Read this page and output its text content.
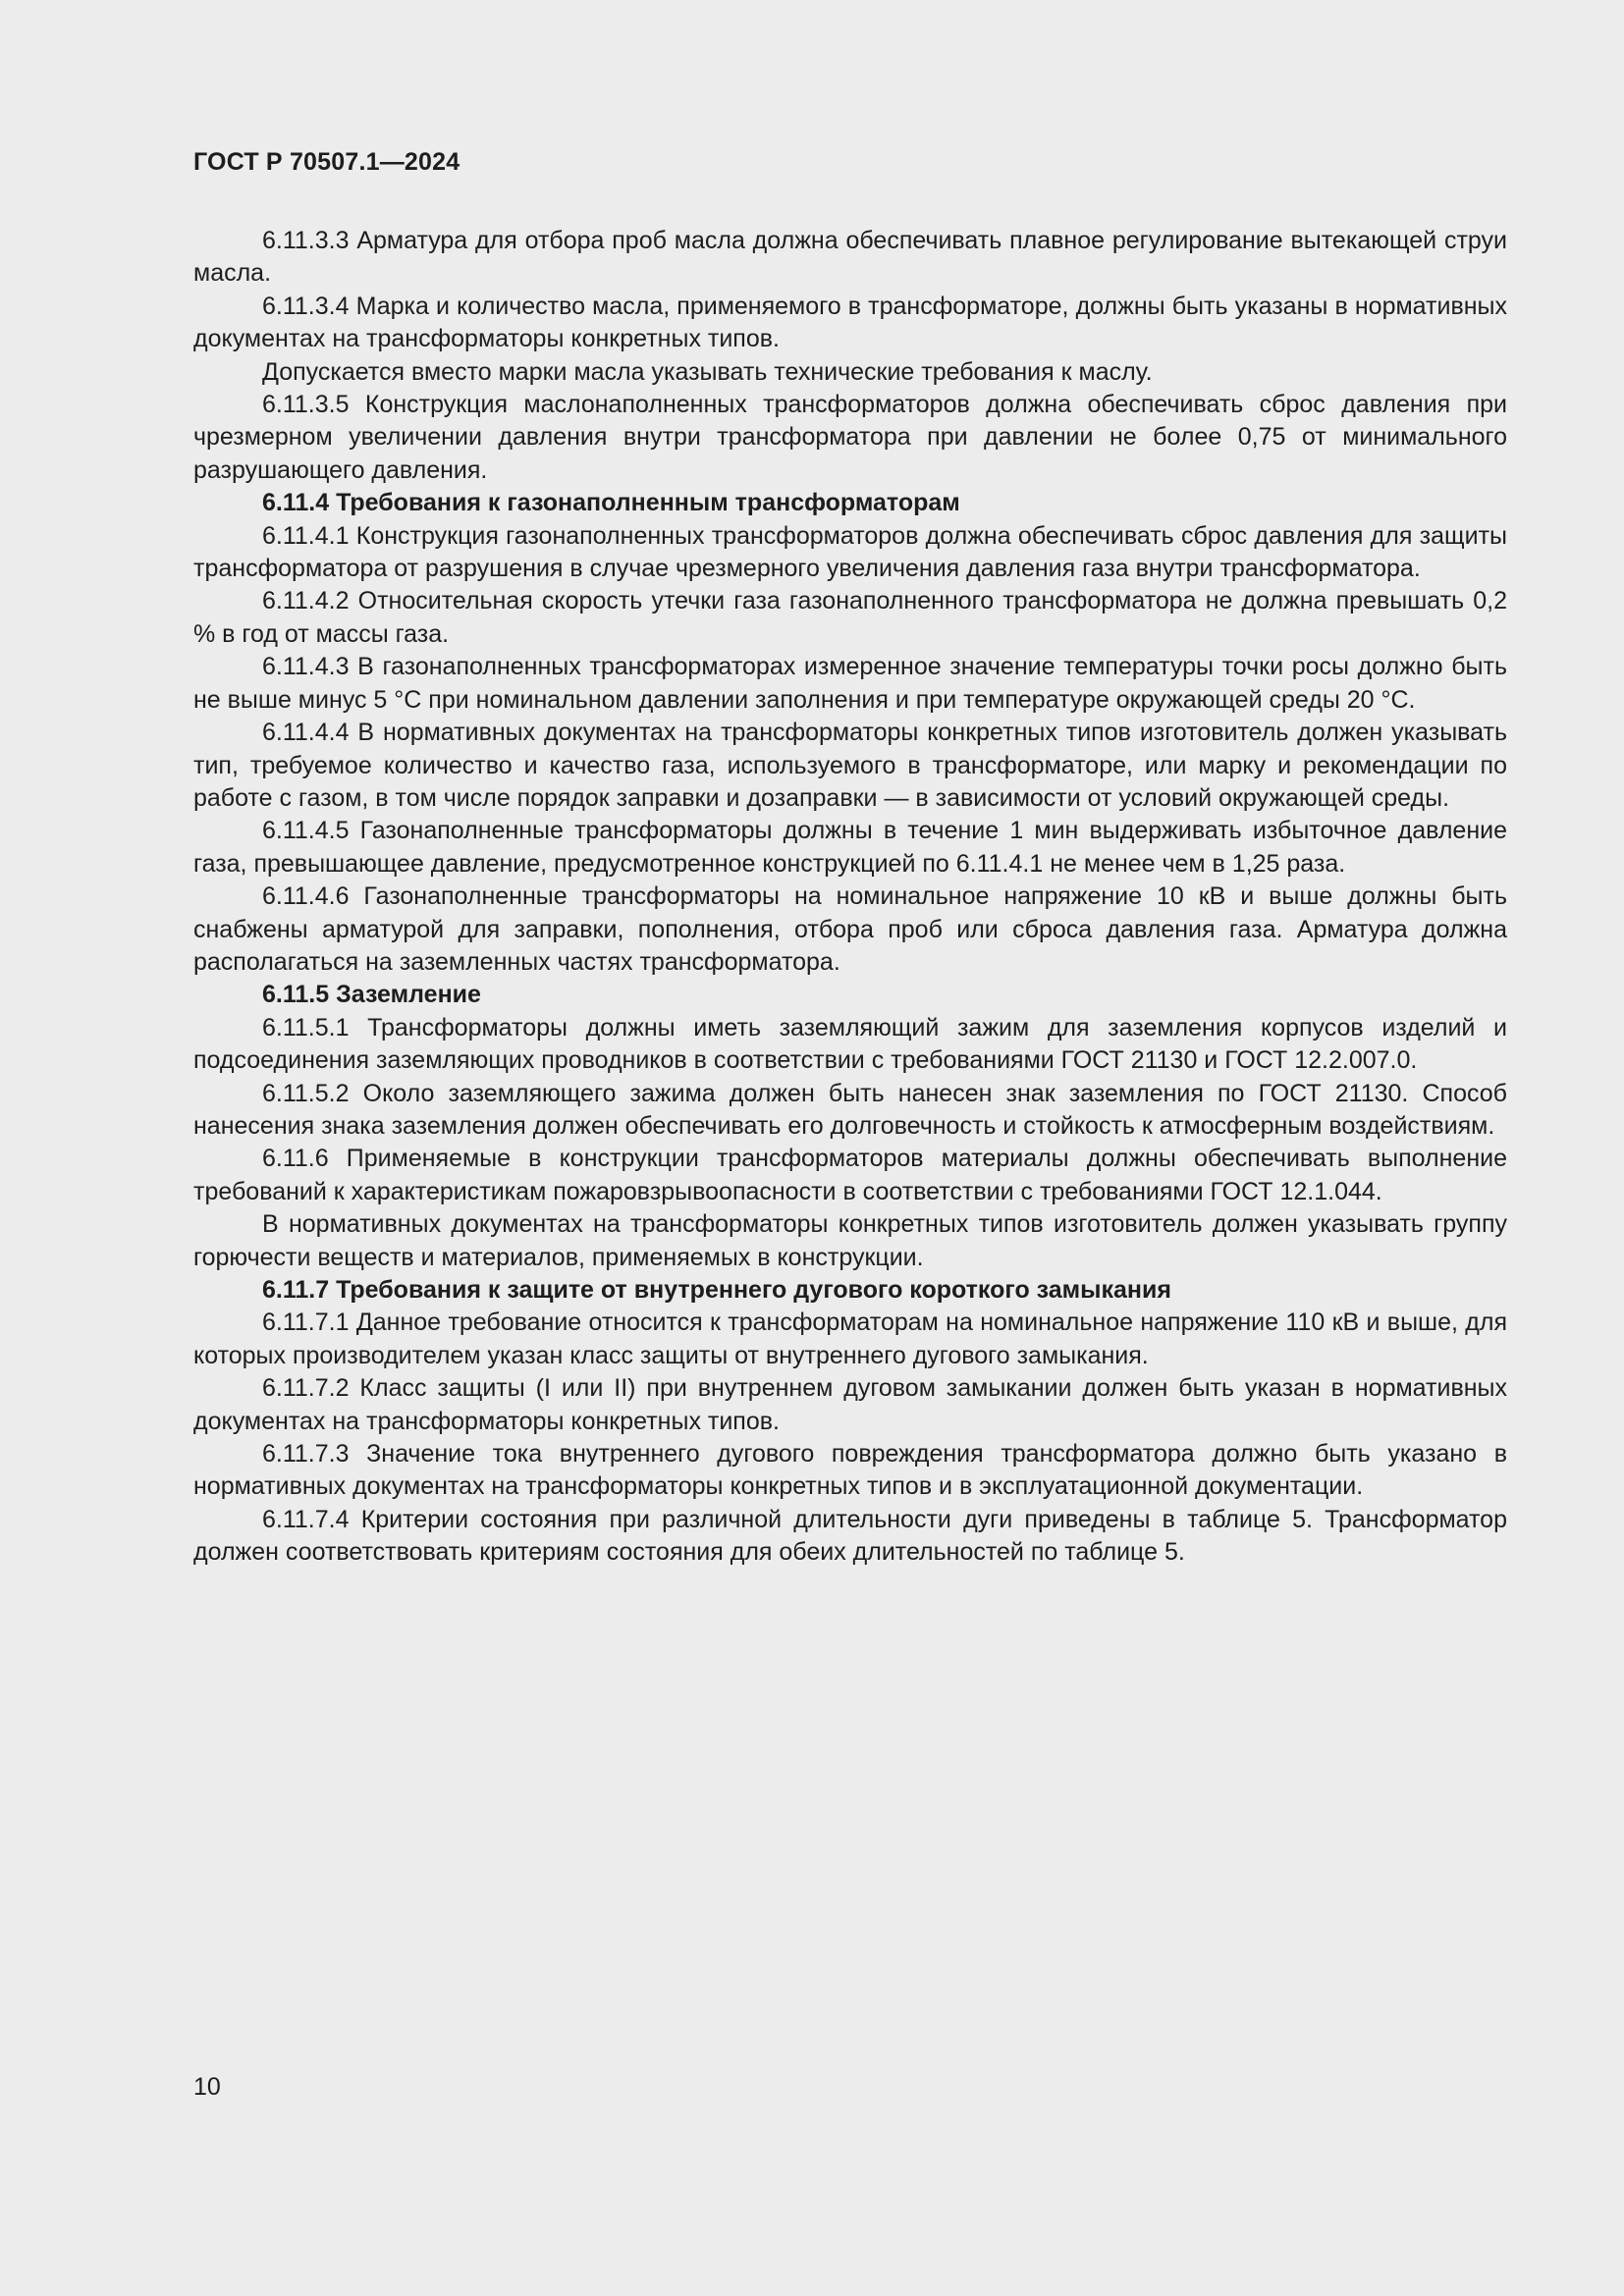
ГОСТ Р 70507.1—2024

6.11.3.3 Арматура для отбора проб масла должна обеспечивать плавное регулирование вытекающей струи масла.

6.11.3.4 Марка и количество масла, применяемого в трансформаторе, должны быть указаны в нормативных документах на трансформаторы конкретных типов.

Допускается вместо марки масла указывать технические требования к маслу.

6.11.3.5 Конструкция маслонаполненных трансформаторов должна обеспечивать сброс давления при чрезмерном увеличении давления внутри трансформатора при давлении не более 0,75 от минимального разрушающего давления.

6.11.4 Требования к газонаполненным трансформаторам

6.11.4.1 Конструкция газонаполненных трансформаторов должна обеспечивать сброс давления для защиты трансформатора от разрушения в случае чрезмерного увеличения давления газа внутри трансформатора.

6.11.4.2 Относительная скорость утечки газа газонаполненного трансформатора не должна превышать 0,2 % в год от массы газа.

6.11.4.3 В газонаполненных трансформаторах измеренное значение температуры точки росы должно быть не выше минус 5 °С при номинальном давлении заполнения и при температуре окружающей среды 20 °С.

6.11.4.4 В нормативных документах на трансформаторы конкретных типов изготовитель должен указывать тип, требуемое количество и качество газа, используемого в трансформаторе, или марку и рекомендации по работе с газом, в том числе порядок заправки и дозаправки — в зависимости от условий окружающей среды.

6.11.4.5 Газонаполненные трансформаторы должны в течение 1 мин выдерживать избыточное давление газа, превышающее давление, предусмотренное конструкцией по 6.11.4.1 не менее чем в 1,25 раза.

6.11.4.6 Газонаполненные трансформаторы на номинальное напряжение 10 кВ и выше должны быть снабжены арматурой для заправки, пополнения, отбора проб или сброса давления газа. Арматура должна располагаться на заземленных частях трансформатора.

6.11.5 Заземление

6.11.5.1 Трансформаторы должны иметь заземляющий зажим для заземления корпусов изделий и подсоединения заземляющих проводников в соответствии с требованиями ГОСТ 21130 и ГОСТ 12.2.007.0.

6.11.5.2 Около заземляющего зажима должен быть нанесен знак заземления по ГОСТ 21130. Способ нанесения знака заземления должен обеспечивать его долговечность и стойкость к атмосферным воздействиям.

6.11.6 Применяемые в конструкции трансформаторов материалы должны обеспечивать выполнение требований к характеристикам пожаровзрывоопасности в соответствии с требованиями ГОСТ 12.1.044.

В нормативных документах на трансформаторы конкретных типов изготовитель должен указывать группу горючести веществ и материалов, применяемых в конструкции.

6.11.7 Требования к защите от внутреннего дугового короткого замыкания

6.11.7.1 Данное требование относится к трансформаторам на номинальное напряжение 110 кВ и выше, для которых производителем указан класс защиты от внутреннего дугового замыкания.

6.11.7.2 Класс защиты (I или II) при внутреннем дуговом замыкании должен быть указан в нормативных документах на трансформаторы конкретных типов.

6.11.7.3 Значение тока внутреннего дугового повреждения трансформатора должно быть указано в нормативных документах на трансформаторы конкретных типов и в эксплуатационной документации.

6.11.7.4 Критерии состояния при различной длительности дуги приведены в таблице 5. Трансформатор должен соответствовать критериям состояния для обеих длительностей по таблице 5.

10
